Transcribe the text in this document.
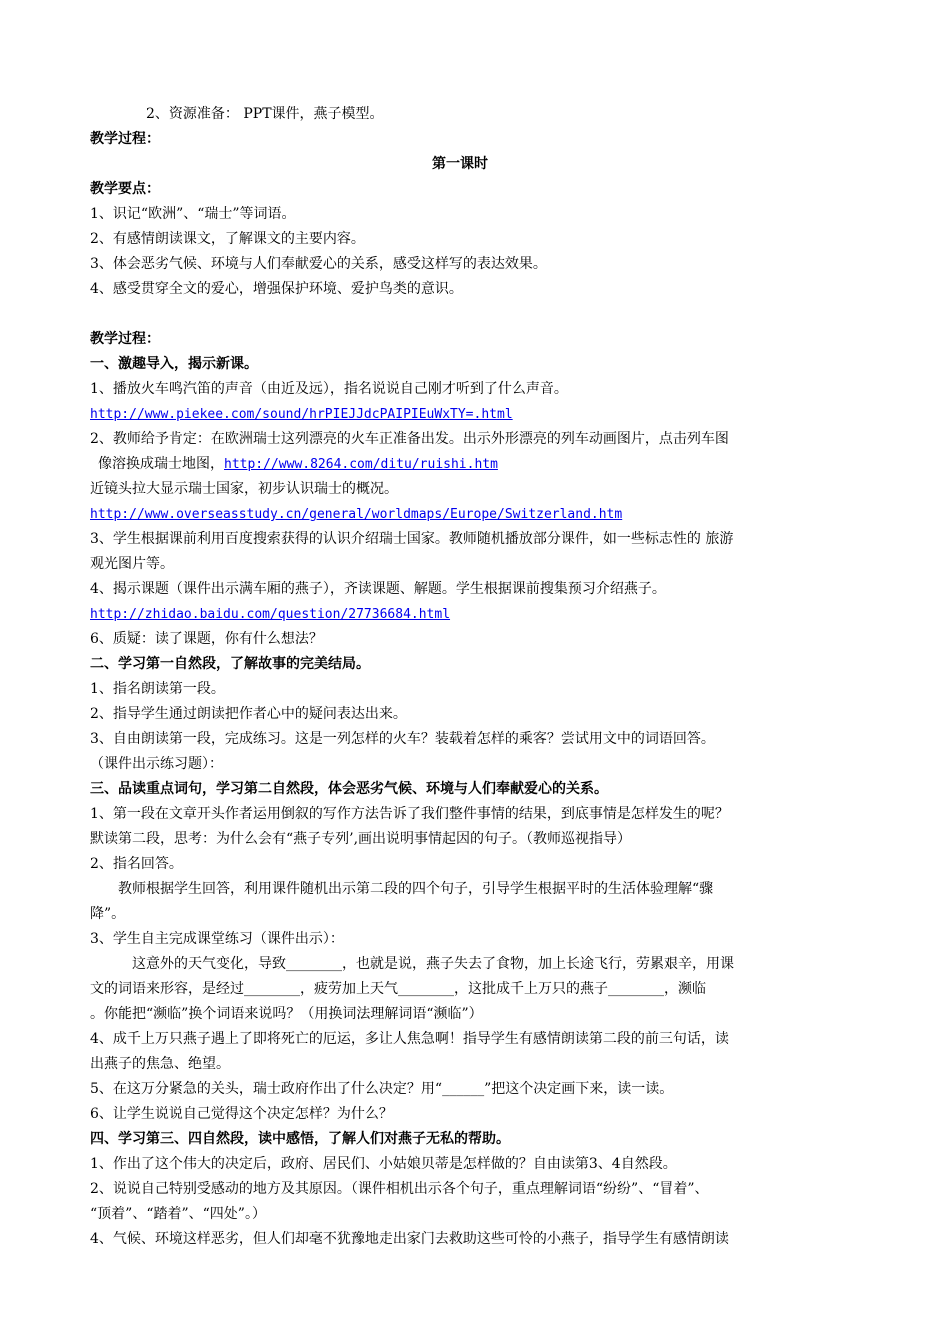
2、资源准备： PPT课件，燕子模型。
教学过程：
第一课时
教学要点：
1、识记“欧洲”、“瑞士”等词语。
2、有感情朗读课文，了解课文的主要内容。
3、体会恶劣气候、环境与人们奉献爱心的关系，感受这样写的表达效果。
4、感受贯穿全文的爱心，增强保护环境、爱护鸟类的意识。
教学过程：
一、激趣导入，揭示新课。
1、播放火车鸣汽笛的声音（由近及远），指名说说自己刚才听到了什么声音。
http://www.piekee.com/sound/hrPIEJJdcPAIPIEuWxTY=.html
2、教师给予肯定：在欧洲瑞士这列漂亮的火车正准备出发。出示外形漂亮的列车动画图片，点击列车图
像溶换成瑞士地图，http://www.8264.com/ditu/ruishi.htm
近镜头拉大显示瑞士国家，初步认识瑞士的概况。
http://www.overseasstudy.cn/general/worldmaps/Europe/Switzerland.htm
3、学生根据课前利用百度搜索获得的认识介绍瑞士国家。教师随机播放部分课件，如一些标志性的 旅游
观光图片等。
4、揭示课题（课件出示满车厢的燕子），齐读课题、解题。学生根据课前搜集预习介绍燕子。
http://zhidao.baidu.com/question/27736684.html
6、质疑：读了课题，你有什么想法？
二、学习第一自然段，了解故事的完美结局。
1、指名朗读第一段。
2、指导学生通过朗读把作者心中的疑问表达出来。
3、自由朗读第一段，完成练习。这是一列怎样的火车？装载着怎样的乘客？尝试用文中的词语回答。
（课件出示练习题）：
三、品读重点词句，学习第二自然段，体会恶劣气候、环境与人们奉献爱心的关系。
1、第一段在文章开头作者运用倒叙的写作方法告诉了我们整件事情的结果，到底事情是怎样发生的呢？
默读第二段，思考：为什么会有“燕子专列’,画出说明事情起因的句子。（教师巡视指导）
2、指名回答。
教师根据学生回答，利用课件随机出示第二段的四个句子，引导学生根据平时的生活体验理解“骤
降”。
3、学生自主完成课堂练习（课件出示）：
这意外的天气变化，导致________，也就是说，燕子失去了食物，加上长途飞行，劳累艰辛，用课
文的词语来形容，是经过________，疲劳加上天气________，这批成千上万只的燕子________，濒临
。你能把“濒临”换个词语来说吗？（用换词法理解词语“濒临”）
4、成千上万只燕子遇上了即将死亡的厄运，多让人焦急啊！指导学生有感情朗读第二段的前三句话，读
出燕子的焦急、绝望。
5、在这万分紧急的关头，瑞士政府作出了什么决定？用“______”把这个决定画下来，读一读。
6、让学生说说自己觉得这个决定怎样？为什么？
四、学习第三、四自然段，读中感悟，了解人们对燕子无私的帮助。
1、作出了这个伟大的决定后，政府、居民们、小姑娘贝蒂是怎样做的？自由读第3、4自然段。
2、说说自己特别受感动的地方及其原因。（课件相机出示各个句子，重点理解词语“纷纷”、“冒着”、
“顶着”、“踏着”、“四处”。）
4、气候、环境这样恶劣，但人们却毫不犹豫地走出家门去救助这些可怜的小燕子，指导学生有感情朗读
